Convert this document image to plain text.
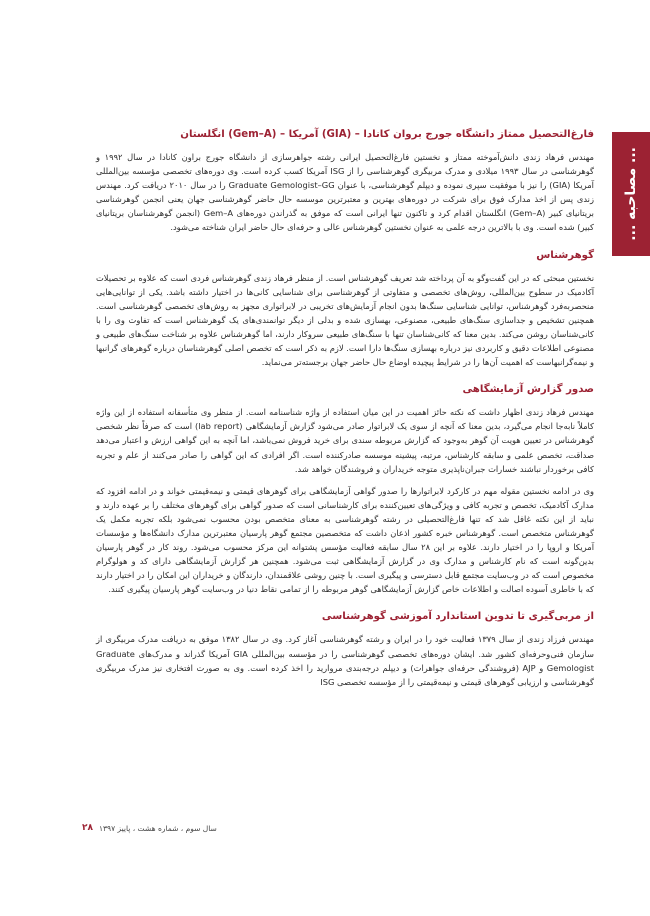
... مصاحبه ...
فارغ‌التحصیل ممتاز دانشگاه جورج بروان کانادا – (GIA) آمریکا – (Gem–A) انگلستان

مهندس فرهاد زندی دانش‌آموخته ممتاز و نخستین فارغ‌التحصیل ایرانی رشته جواهرسازی از دانشگاه جورج براون کانادا در سال ۱۹۹۲ و گوهرشناسی در سال ۱۹۹۳ میلادی و مدرک مربیگری گوهرشناسی را از ISG آمریکا کسب کرده است. وی دوره‌های تخصصی مؤسسه بین‌المللی آمریکا (GIA) را نیز با موفقیت سپری نموده و دیپلم گوهرشناسی، با عنوان Graduate Gemologist–GG را در سال ۲۰۱۰ دریافت کرد. مهندس زندی پس از اخذ مدارک فوق برای شرکت در دوره‌های بهترین و معتبرترین موسسه حال حاضر گوهرشناسی جهان یعنی انجمن گوهرشناسی بریتانیای کبیر (Gem–A) انگلستان اقدام کرد و تاکنون تنها ایرانی است که موفق به گذراندن دوره‌های Gem–A (انجمن گوهرشناسان بریتانیای کبیر) شده است. وی با بالاترین درجه علمی به عنوان نخستین گوهرشناس عالی و حرفه‌ای حال حاضر ایران شناخته می‌شود.

گوهرشناس

نخستین مبحثی که در این گفت‌وگو به آن پرداخته شد تعریف گوهرشناس است. از منظر فرهاد زندی گوهرشناس فردی است که علاوه بر تحصیلات آکادمیک در سطوح بین‌المللی، روش‌های تخصصی و متفاوتی از گوهرشناسی برای شناسایی کانی‌ها در اختیار داشته باشد. یکی از توانایی‌هایی منحصربه‌فرد گوهرشناس، توانایی شناسایی سنگ‌ها بدون انجام آزمایش‌های تخریبی در لابراتواری مجهز به روش‌های تخصصی گوهرشناسی است. همچنین تشخیص و جداسازی سنگ‌های طبیعی، مصنوعی، بهسازی شده و بدلی از دیگر توانمندی‌های یک گوهرشناس است که تفاوت وی را با کانی‌شناسان روشن می‌کند. بدین معنا که کانی‌شناسان تنها با سنگ‌های طبیعی سروکار دارند، اما گوهرشناس علاوه بر شناخت سنگ‌های طبیعی و مصنوعی اطلاعات دقیق و کاربردی نیز درباره بهسازی سنگ‌ها دارا است. لازم به ذکر است که تخصص اصلی گوهرشناسان درباره گوهرهای گرانبها و نیمه‌گرانبهاست که اهمیت آن‌ها را در شرایط پیچیده اوضاع حال حاضر جهان برجسته‌تر می‌نماید.

صدور گزارش آزمایشگاهی

مهندس فرهاد زندی اظهار داشت که نکته حائز اهمیت در این میان استفاده از واژه شناسنامه است. از منظر وی متأسفانه استفاده از این واژه کاملاً نابه‌جا انجام می‌گیرد، بدین معنا که آنچه از سوی یک لابراتوار صادر می‌شود گزارش آزمایشگاهی (lab report) است که صرفاً نظر شخصی گوهرشناس در تعیین هویت آن گوهر به‌وجود که گزارش مربوطه سندی برای خرید فروش نمی‌باشد، اما آنچه به این گواهی ارزش و اعتبار می‌دهد صداقت، تخصص علمی و سابقه کارشناس، مرتبه، پیشینه موسسه صادرکننده است. اگر افرادی که این گواهی را صادر می‌کنند از علم و تجربه کافی برخوردار نباشند خسارات جبران‌ناپذیری متوجه خریداران و فروشندگان خواهد شد.

وی در ادامه نخستین مقوله مهم در کارکرد لابراتوارها را صدور گواهی آزمایشگاهی برای گوهرهای قیمتی و نیمه‌قیمتی خواند و در ادامه افزود که مدارک آکادمیک، تخصص و تجربه کافی و ویژگی‌های تعیین‌کننده برای کارشناسانی است که صدور گواهی برای گوهرهای مختلف را بر عهده دارند و نباید از این نکته غافل شد که تنها فارغ‌التحصیلی در رشته گوهرشناسی به معنای متخصص بودن محسوب نمی‌شود بلکه تجربه مکمل یک گوهرشناس متخصص است. گوهرشناس خبره کشور اذعان داشت که متخصصین مجتمع گوهر پارسیان معتبرترین مدارک دانشگاه‌ها و مؤسسات آمریکا و اروپا را در اختیار دارند. علاوه بر این ۲۸ سال سابقه فعالیت مؤسس پشتوانه این مرکز محسوب می‌شود. روند کار در گوهر پارسیان بدین‌گونه است که نام کارشناس و مدارک وی در گزارش آزمایشگاهی ثبت می‌شود. همچنین هر گزارش آزمایشگاهی دارای کد و هولوگرام مخصوص است که در وب‌سایت مجتمع قابل دسترسی و پیگیری است. با چنین روشی علاقمندان، دارندگان و خریداران این امکان را در اختیار دارند که با خاطری آسوده اصالت و اطلاعات خاص گزارش آزمایشگاهی گوهر مربوطه را از تمامی نقاط دنیا در وب‌سایت گوهر پارسیان پیگیری کنند.

از مربی‌گیری تا تدوین استاندارد آموزشی گوهرشناسی

مهندس فرزاد زندی از سال ۱۳۷۹ فعالیت خود را در ایران و رشته گوهرشناسی آغاز کرد. وی در سال ۱۳۸۲ موفق به دریافت مدرک مربیگری از سازمان فنی‌وحرفه‌ای کشور شد. ایشان دوره‌های تخصصی گوهرشناسی را در مؤسسه بین‌المللی GIA آمریکا گذراند و مدرک‌های Graduate Gemologist و AJP (فروشندگی حرفه‌ای جواهرات) و دیپلم درجه‌بندی مروارید را اخذ کرده است. وی به صورت افتخاری نیز مدرک مربیگری گوهرشناسی و ارزیابی گوهرهای قیمتی و نیمه‌قیمتی را از مؤسسه تخصصی ISG

۲۸ سال سوم ، شماره هشت ، پاییز ۱۳۹۷
